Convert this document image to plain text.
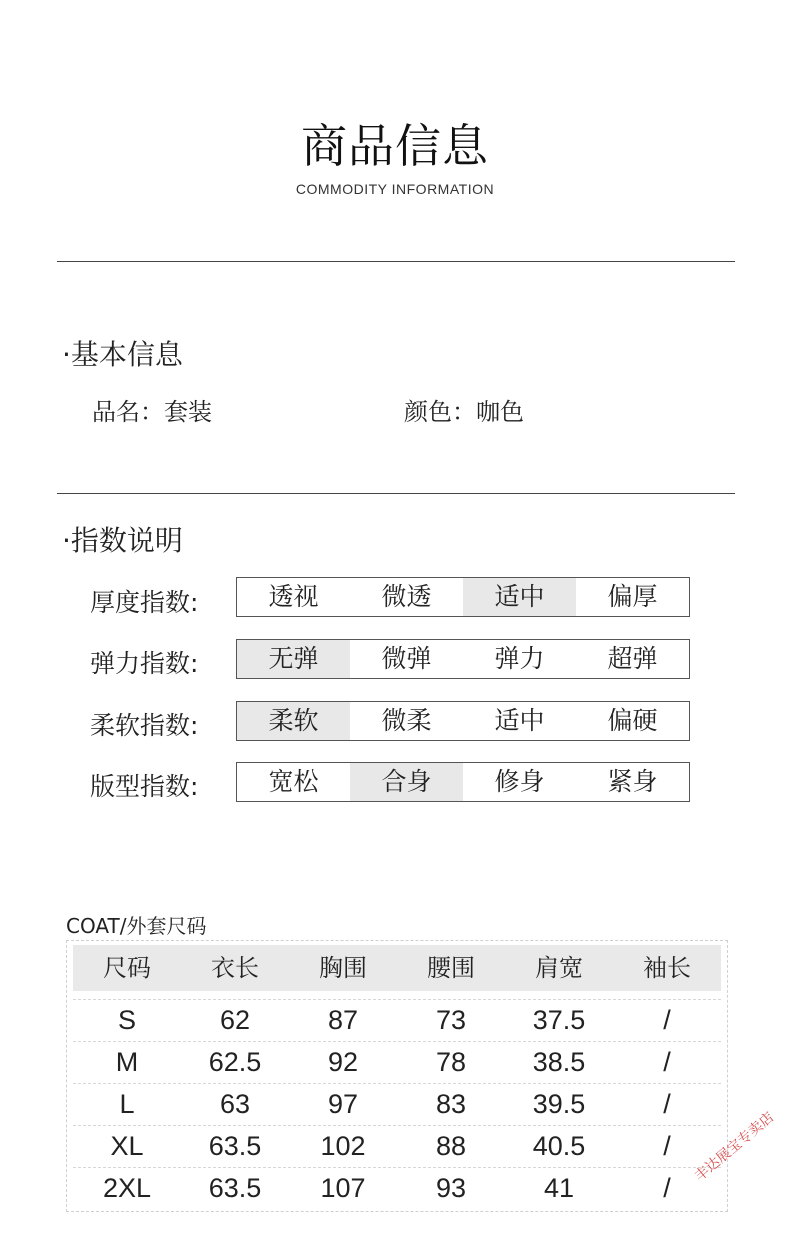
商品信息
COMMODITY INFORMATION
·基本信息
品名：套装	颜色：咖色
·指数说明
厚度指数:	透视	微透	适中	偏厚
弹力指数:	无弹	微弹	弹力	超弹
柔软指数:	柔软	微柔	适中	偏硬
版型指数:	宽松	合身	修身	紧身
COAT/外套尺码
尺码	衣长	胸围	腰围	肩宽	袖长
S	62	87	73	37.5	/
M	62.5	92	78	38.5	/
L	63	97	83	39.5	/
XL	63.5	102	88	40.5	/
2XL	63.5	107	93	41	/
丰达展宝专卖店
